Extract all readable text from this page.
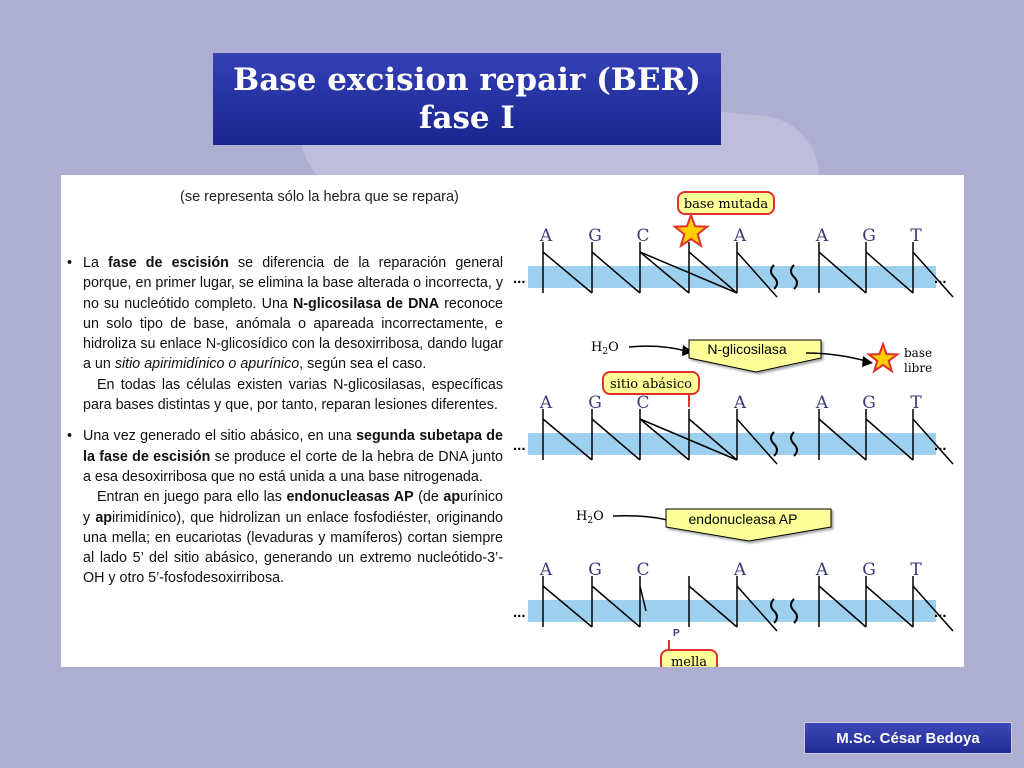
Base excision repair (BER)
fase I
(se representa sólo la hebra que se repara)
• La fase de escisión se diferencia de la reparación general porque, en primer lugar, se elimina la base alterada o incorrecta, y no su nucleótido completo. Una N-glicosilasa de DNA reconoce un solo tipo de base, anómala o apareada incorrectamente, e hidroliza su enlace N-glicosídico con la desoxirribosa, dando lugar a un sitio apirimidínico o apurínico, según sea el caso.

En todas las células existen varias N-glicosilasas, específicas para bases distintas y que, por tanto, reparan lesiones diferentes.

• Una vez generado el sitio abásico, en una segunda subetapa de la fase de escisión se produce el corte de la hebra de DNA junto a esa desoxirribosa que no está unida a una base nitrogenada.

Entran en juego para ello las endonucleasas AP (de apurínico y apirimidínico), que hidrolizan un enlace fosfodiéster, originando una mella; en eucariotas (levaduras y mamíferos) cortan siempre al lado 5’ del sitio abásico, generando un extremo nucleótido-3’-OH y otro 5’-fosfodesoxirribosa.

base mutada
$H_2O$	N-glicosilasa	base
libre
sitio abásico
$H_2O$	endonucleasa AP
P
mella
...	...
A G C	A	A G T
...	...
A G C	A	A G T
...	...
A G C	A	A G T
M.Sc. César Bedoya
